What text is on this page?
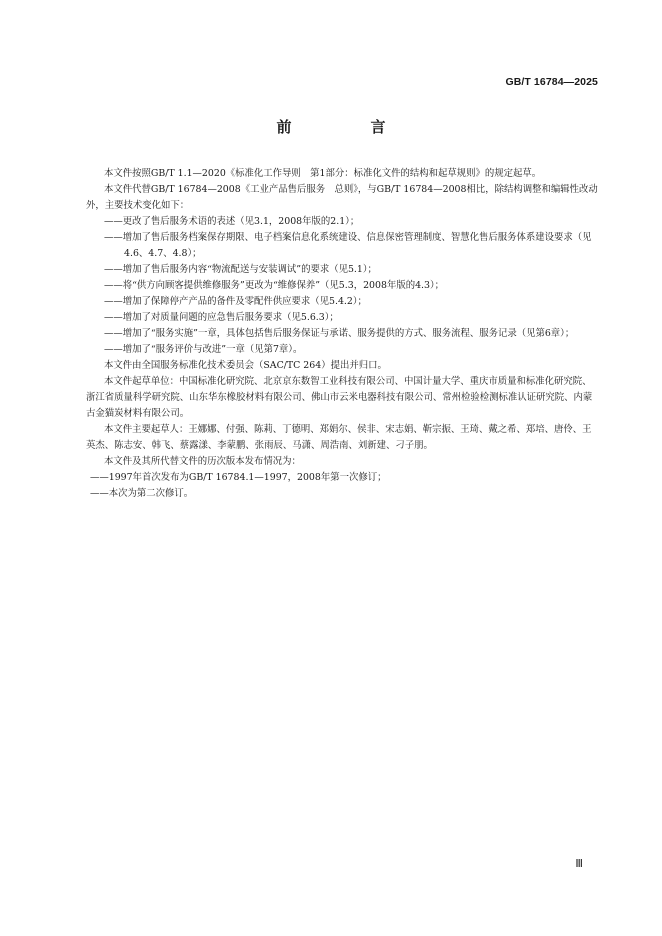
GB/T 16784—2025
前　言

本文件按照GB/T 1.1—2020《标准化工作导则　第1部分：标准化文件的结构和起草规则》的规定起草。

本文件代替GB/T 16784—2008《工业产品售后服务　总则》，与GB/T 16784—2008相比，除结构调整和编辑性改动外，主要技术变化如下：

——更改了售后服务术语的表述（见3.1，2008年版的2.1）；

——增加了售后服务档案保存期限、电子档案信息化系统建设、信息保密管理制度、智慧化售后服务体系建设要求（见4.6、4.7、4.8）；

——增加了售后服务内容“物流配送与安装调试”的要求（见5.1）；

——将“供方向顾客提供维修服务”更改为“维修保养”（见5.3，2008年版的4.3）；

——增加了保障停产产品的备件及零配件供应要求（见5.4.2）；

——增加了对质量问题的应急售后服务要求（见5.6.3）；

——增加了“服务实施”一章，具体包括售后服务保证与承诺、服务提供的方式、服务流程、服务记录（见第6章）；

——增加了“服务评价与改进”一章（见第7章）。

本文件由全国服务标准化技术委员会（SAC/TC 264）提出并归口。

本文件起草单位：中国标准化研究院、北京京东数智工业科技有限公司、中国计量大学、重庆市质量和标准化研究院、浙江省质量科学研究院、山东华东橡胶材料有限公司、佛山市云米电器科技有限公司、常州检验检测标准认证研究院、内蒙古金猫炭材料有限公司。

本文件主要起草人：王娜娜、付强、陈莉、丁德明、郑娟尔、侯非、宋志娟、靳宗振、王琦、戴之希、郑培、唐伶、王英杰、陈志安、韩飞、蔡露漾、李蒙鹏、张雨辰、马潇、周浩南、刘新建、刁子朋。

本文件及其所代替文件的历次版本发布情况为：

——1997年首次发布为GB/T 16784.1—1997，2008年第一次修订；

——本次为第二次修订。

Ⅲ
